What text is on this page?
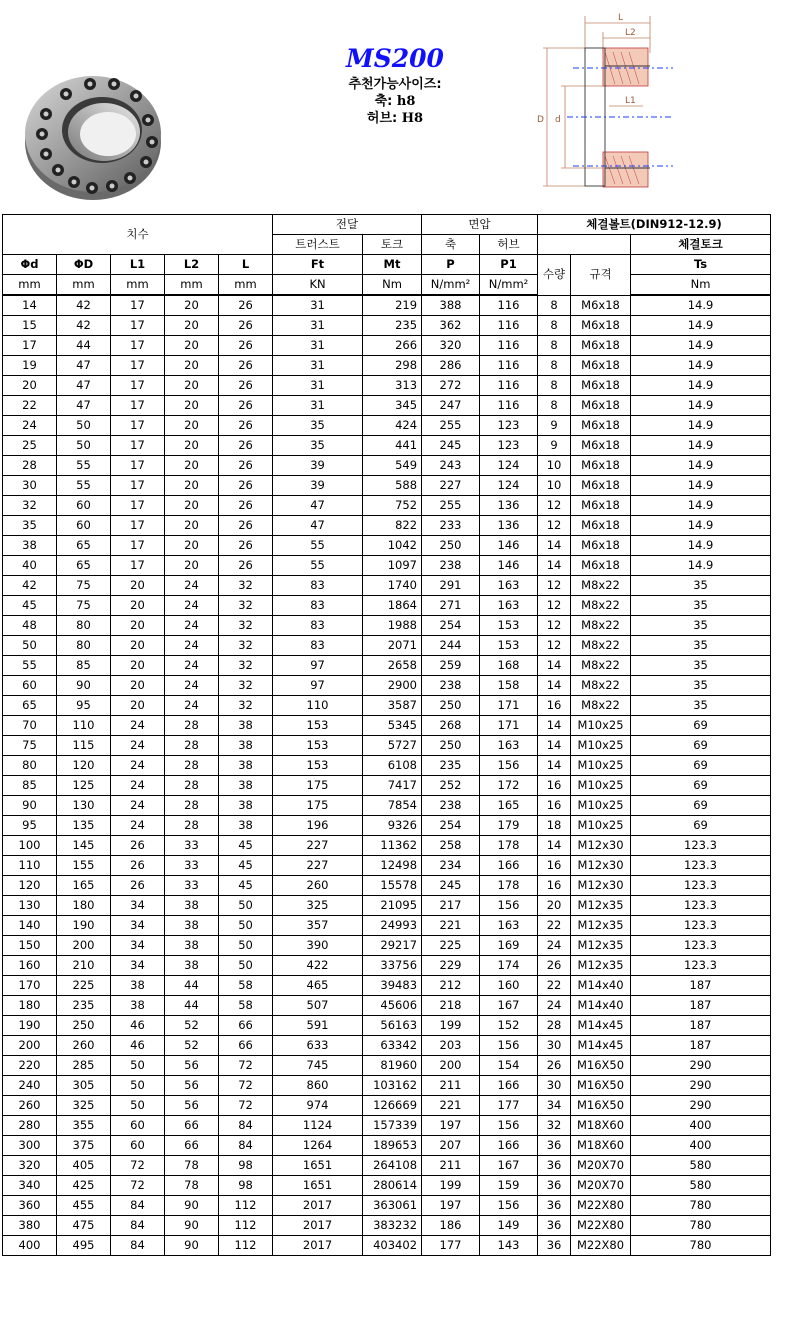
MS200
추천가능사이즈:
축: h8
허브: H8
L
L2
L1
D d
치수					전달		면압		체결볼트(DIN912-12.9)		
					트러스트	토크	축	허브			체결토크
Φd	ΦD	L1	L2	L	Ft	Mt	P	P1	수량	규격	Ts
mm	mm	mm	mm	mm	KN	Nm	N/mm²	N/mm²			Nm
14	42	17	20	26	31	219	388	116	8	M6x18	14.9
15	42	17	20	26	31	235	362	116	8	M6x18	14.9
17	44	17	20	26	31	266	320	116	8	M6x18	14.9
19	47	17	20	26	31	298	286	116	8	M6x18	14.9
20	47	17	20	26	31	313	272	116	8	M6x18	14.9
22	47	17	20	26	31	345	247	116	8	M6x18	14.9
24	50	17	20	26	35	424	255	123	9	M6x18	14.9
25	50	17	20	26	35	441	245	123	9	M6x18	14.9
28	55	17	20	26	39	549	243	124	10	M6x18	14.9
30	55	17	20	26	39	588	227	124	10	M6x18	14.9
32	60	17	20	26	47	752	255	136	12	M6x18	14.9
35	60	17	20	26	47	822	233	136	12	M6x18	14.9
38	65	17	20	26	55	1042	250	146	14	M6x18	14.9
40	65	17	20	26	55	1097	238	146	14	M6x18	14.9
42	75	20	24	32	83	1740	291	163	12	M8x22	35
45	75	20	24	32	83	1864	271	163	12	M8x22	35
48	80	20	24	32	83	1988	254	153	12	M8x22	35
50	80	20	24	32	83	2071	244	153	12	M8x22	35
55	85	20	24	32	97	2658	259	168	14	M8x22	35
60	90	20	24	32	97	2900	238	158	14	M8x22	35
65	95	20	24	32	110	3587	250	171	16	M8x22	35
70	110	24	28	38	153	5345	268	171	14	M10x25	69
75	115	24	28	38	153	5727	250	163	14	M10x25	69
80	120	24	28	38	153	6108	235	156	14	M10x25	69
85	125	24	28	38	175	7417	252	172	16	M10x25	69
90	130	24	28	38	175	7854	238	165	16	M10x25	69
95	135	24	28	38	196	9326	254	179	18	M10x25	69
100	145	26	33	45	227	11362	258	178	14	M12x30	123.3
110	155	26	33	45	227	12498	234	166	16	M12x30	123.3
120	165	26	33	45	260	15578	245	178	16	M12x30	123.3
130	180	34	38	50	325	21095	217	156	20	M12x35	123.3
140	190	34	38	50	357	24993	221	163	22	M12x35	123.3
150	200	34	38	50	390	29217	225	169	24	M12x35	123.3
160	210	34	38	50	422	33756	229	174	26	M12x35	123.3
170	225	38	44	58	465	39483	212	160	22	M14x40	187
180	235	38	44	58	507	45606	218	167	24	M14x40	187
190	250	46	52	66	591	56163	199	152	28	M14x45	187
200	260	46	52	66	633	63342	203	156	30	M14x45	187
220	285	50	56	72	745	81960	200	154	26	M16X50	290
240	305	50	56	72	860	103162	211	166	30	M16X50	290
260	325	50	56	72	974	126669	221	177	34	M16X50	290
280	355	60	66	84	1124	157339	197	156	32	M18X60	400
300	375	60	66	84	1264	189653	207	166	36	M18X60	400
320	405	72	78	98	1651	264108	211	167	36	M20X70	580
340	425	72	78	98	1651	280614	199	159	36	M20X70	580
360	455	84	90	112	2017	363061	197	156	36	M22X80	780
380	475	84	90	112	2017	383232	186	149	36	M22X80	780
400	495	84	90	112	2017	403402	177	143	36	M22X80	780
